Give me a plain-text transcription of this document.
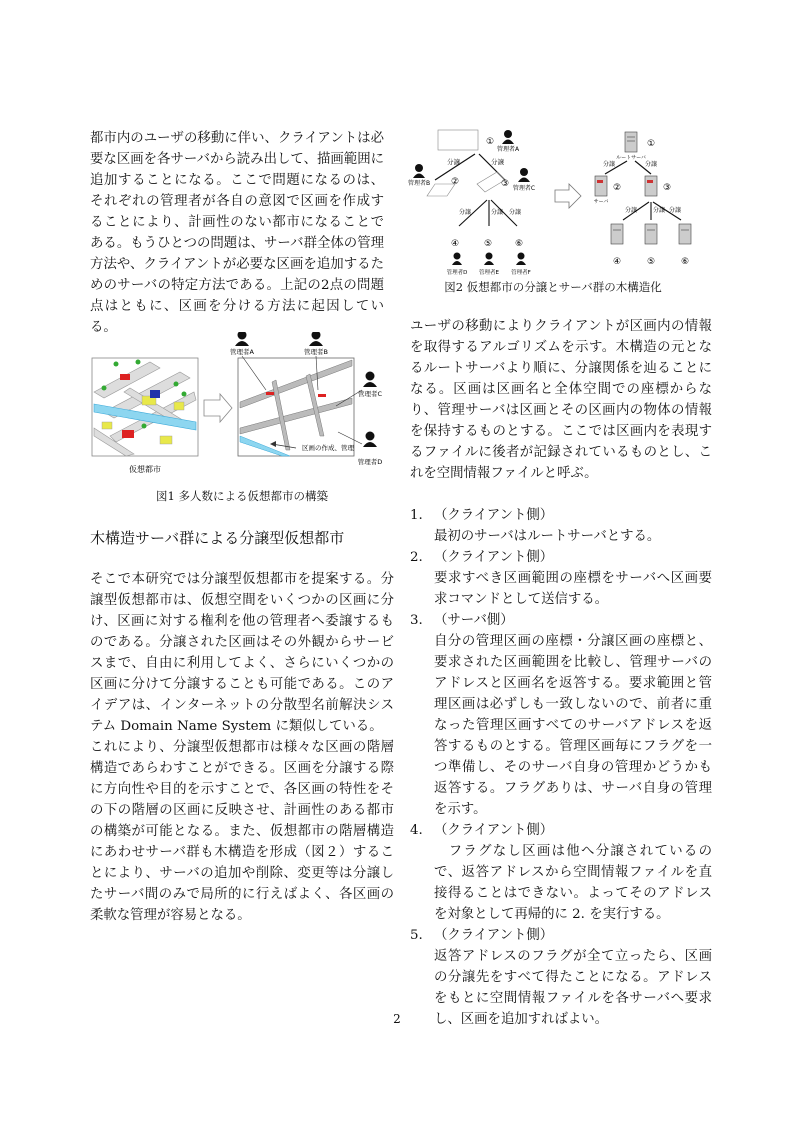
都市内のユーザの移動に伴い、クライアントは必要な区画を各サーバから読み出して、描画範囲に追加することになる。ここで問題になるのは、それぞれの管理者が各自の意図で区画を作成することにより、計画性のない都市になることである。もうひとつの問題は、サーバ群全体の管理方法や、クライアントが必要な区画を追加するためのサーバの特定方法である。上記の2点の問題点はともに、区画を分ける方法に起因している。

仮想都市
区画の作成、管理
管理者A	管理者B
管理者C
管理者D
図1 多人数による仮想都市の構築
木構造サーバ群による分譲型仮想都市

そこで本研究では分譲型仮想都市を提案する。分譲型仮想都市は、仮想空間をいくつかの区画に分け、区画に対する権利を他の管理者へ委譲するものである。分譲された区画はその外観からサービスまで、自由に利用してよく、さらにいくつかの区画に分けて分譲することも可能である。このアイデアは、インターネットの分散型名前解決システム Domain Name System に類似している。

これにより、分譲型仮想都市は様々な区画の階層構造であらわすことができる。区画を分譲する際に方向性や目的を示すことで、各区画の特性をその下の階層の区画に反映させ、計画性のある都市の構築が可能となる。また、仮想都市の階層構造にあわせサーバ群も木構造を形成（図２）することにより、サーバの追加や削除、変更等は分譲したサーバ間のみで局所的に行えばよく、各区画の柔軟な管理が容易となる。

①
管理者A
分譲	分譲
管理者B ②	③ 管理者C
分譲	分譲 分譲
④	⑤	⑥
管理者D 管理者E 管理者F
①
ルートサーバ
分譲	分譲
②
サーバ
③
分譲	分譲 分譲
④	⑤	⑥
図2 仮想都市の分譲とサーバ群の木構造化

ユーザの移動によりクライアントが区画内の情報を取得するアルゴリズムを示す。木構造の元となるルートサーバより順に、分譲関係を辿ることになる。区画は区画名と全体空間での座標からなり、管理サーバは区画とその区画内の物体の情報を保持するものとする。ここでは区画内を表現するファイルに後者が記録されているものとし、これを空間情報ファイルと呼ぶ。

1. （クライアント側）
最初のサーバはルートサーバとする。
2. （クライアント側）
要求すべき区画範囲の座標をサーバへ区画要求コマンドとして送信する。
3. （サーバ側）
自分の管理区画の座標・分譲区画の座標と、要求された区画範囲を比較し、管理サーバのアドレスと区画名を返答する。要求範囲と管理区画は必ずしも一致しないので、前者に重なった管理区画すべてのサーバアドレスを返答するものとする。管理区画毎にフラグを一つ準備し、そのサーバ自身の管理かどうかも返答する。フラグありは、サーバ自身の管理を示す。
4. （クライアント側）
　フラグなし区画は他へ分譲されているので、返答アドレスから空間情報ファイルを直接得ることはできない。よってそのアドレスを対象として再帰的に 2. を実行する。
5. （クライアント側）
返答アドレスのフラグが全て立ったら、区画の分譲先をすべて得たことになる。アドレスをもとに空間情報ファイルを各サーバへ要求し、区画を追加すればよい。
2
